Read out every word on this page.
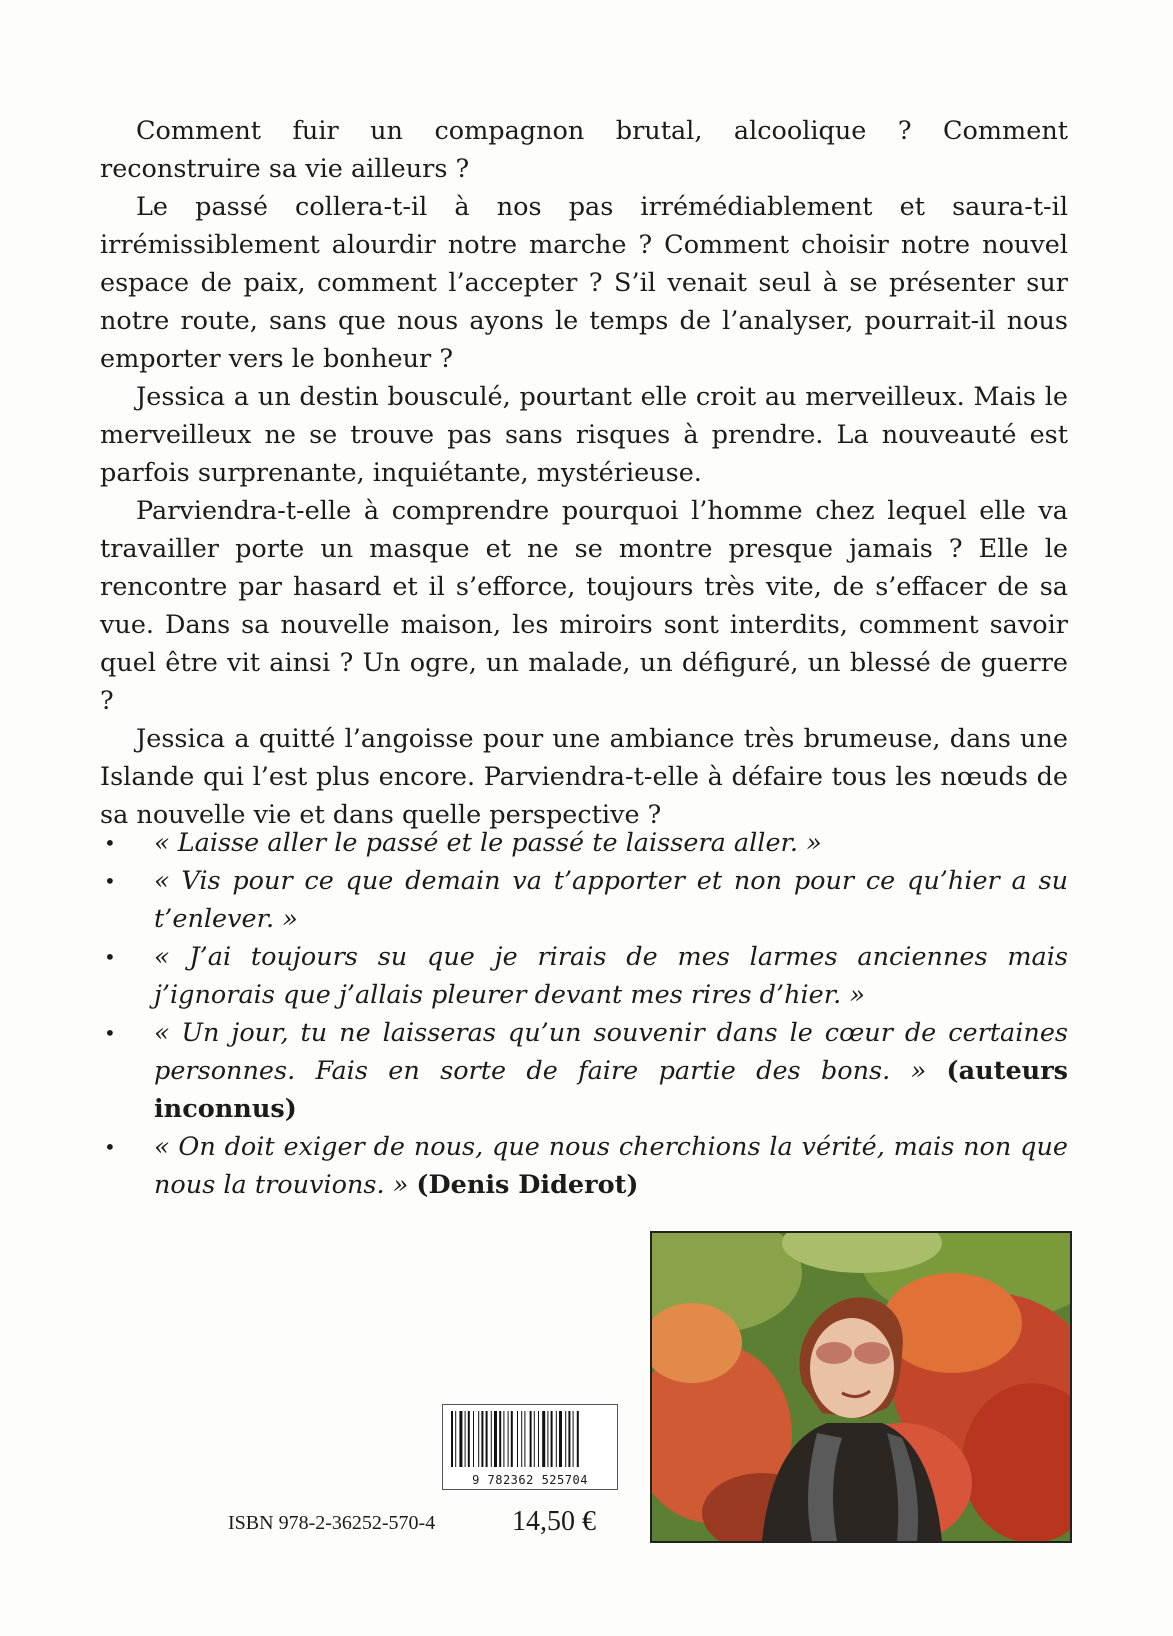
Comment fuir un compagnon brutal, alcoolique ? Comment reconstruire sa vie ailleurs ?

Le passé collera-t-il à nos pas irrémédiablement et saura-t-il irrémissiblement alourdir notre marche ? Comment choisir notre nouvel espace de paix, comment l’accepter ? S’il venait seul à se présenter sur notre route, sans que nous ayons le temps de l’analyser, pourrait-il nous emporter vers le bonheur ?

Jessica a un destin bousculé, pourtant elle croit au merveilleux. Mais le merveilleux ne se trouve pas sans risques à prendre. La nouveauté est parfois surprenante, inquiétante, mystérieuse.

Parviendra-t-elle à comprendre pourquoi l’homme chez lequel elle va travailler porte un masque et ne se montre presque jamais ? Elle le rencontre par hasard et il s’efforce, toujours très vite, de s’effacer de sa vue. Dans sa nouvelle maison, les miroirs sont interdits, comment savoir quel être vit ainsi ? Un ogre, un malade, un défiguré, un blessé de guerre ?

Jessica a quitté l’angoisse pour une ambiance très brumeuse, dans une Islande qui l’est plus encore. Parviendra-t-elle à défaire tous les nœuds de sa nouvelle vie et dans quelle perspective ?

• « Laisse aller le passé et le passé te laissera aller. »
• « Vis pour ce que demain va t’apporter et non pour ce qu’hier a su t’enlever. »
• « J’ai toujours su que je rirais de mes larmes anciennes mais j’ignorais que j’allais pleurer devant mes rires d’hier. »
• « Un jour, tu ne laisseras qu’un souvenir dans le cœur de certaines personnes. Fais en sorte de faire partie des bons. » (auteurs inconnus)
• « On doit exiger de nous, que nous cherchions la vérité, mais non que nous la trouvions. » (Denis Diderot)
9 782362 525704
ISBN 978-2-36252-570-4	14,50 €
